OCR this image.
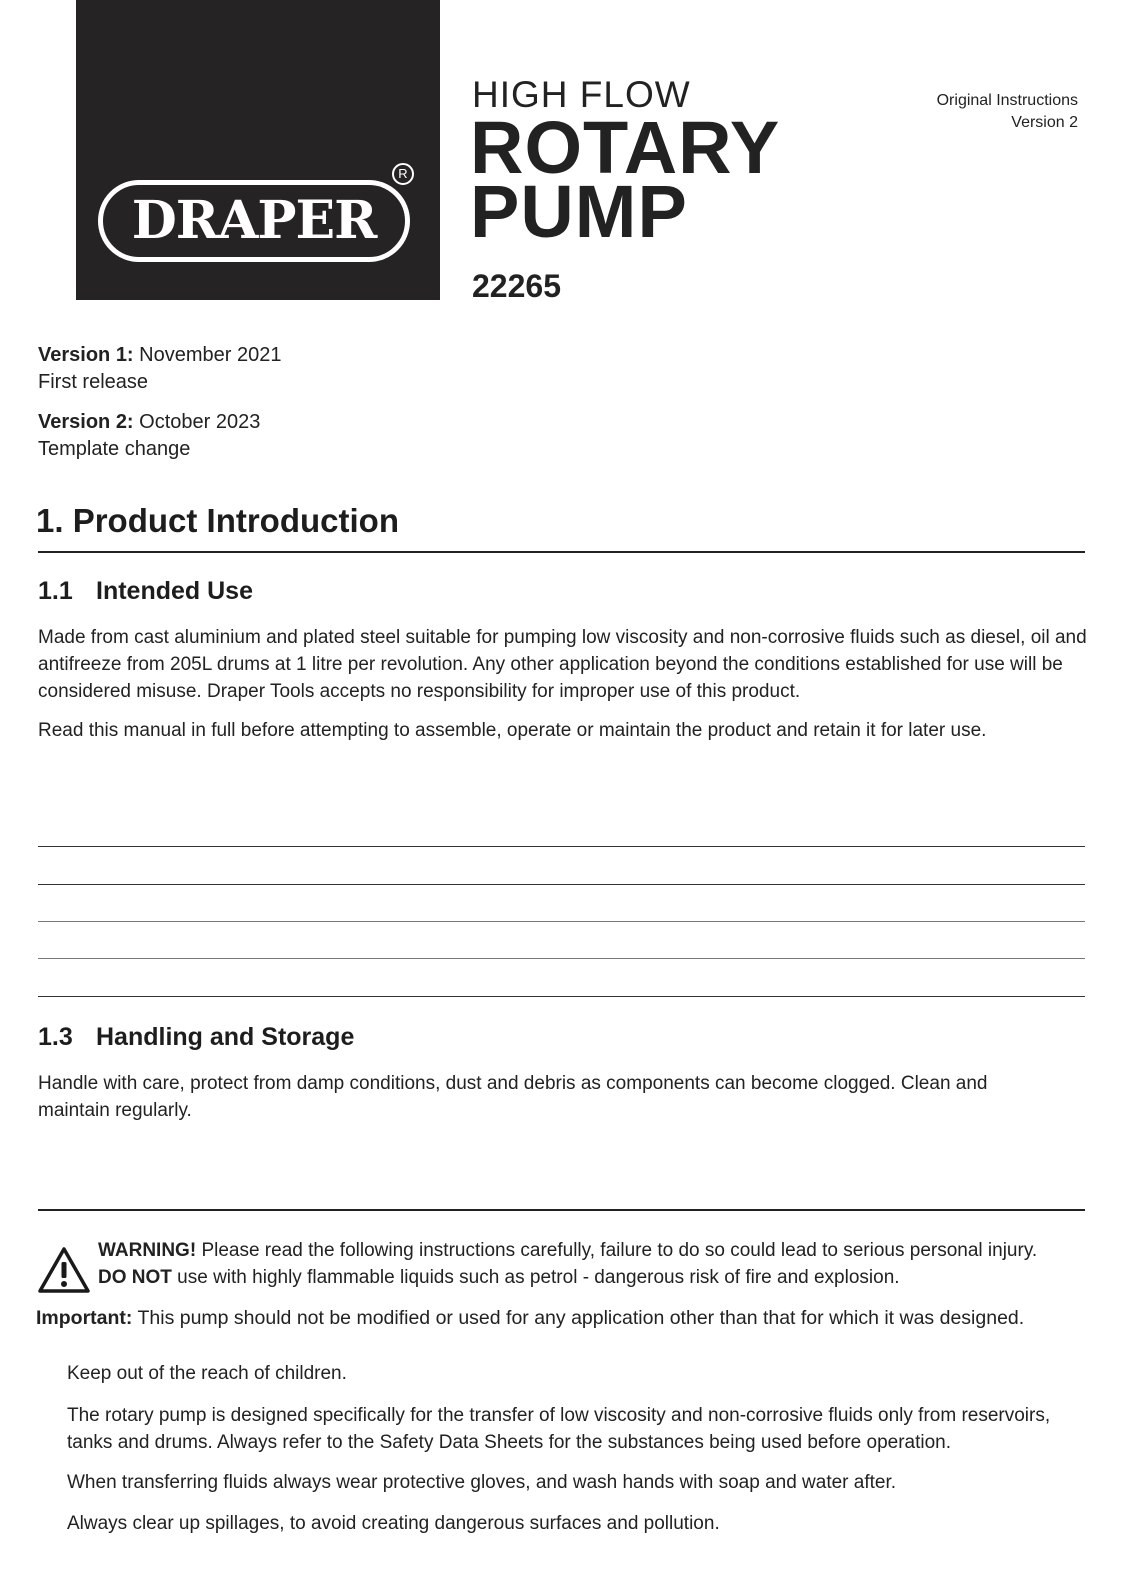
DRAPER
R
HIGH FLOW
ROTARY
PUMP
22265
Original Instructions
Version 2
Version 1: November 2021
First release
Version 2: October 2023
Template change
1. Product Introduction
1.1 Intended Use

Made from cast aluminium and plated steel suitable for pumping low viscosity and non-corrosive fluids such as diesel, oil and antifreeze from 205L drums at 1 litre per revolution. Any other application beyond the conditions established for use will be considered misuse. Draper Tools accepts no responsibility for improper use of this product.

Read this manual in full before attempting to assemble, operate or maintain the product and retain it for later use.

1.3 Handling and Storage

Handle with care, protect from damp conditions, dust and debris as components can become clogged. Clean and maintain regularly.

WARNING! Please read the following instructions carefully, failure to do so could lead to serious personal injury.
DO NOT use with highly flammable liquids such as petrol - dangerous risk of fire and explosion.
Important: This pump should not be modified or used for any application other than that for which it was designed.

Keep out of the reach of children.

The rotary pump is designed specifically for the transfer of low viscosity and non-corrosive fluids only from reservoirs, tanks and drums. Always refer to the Safety Data Sheets for the substances being used before operation.

When transferring fluids always wear protective gloves, and wash hands with soap and water after.

Always clear up spillages, to avoid creating dangerous surfaces and pollution.
